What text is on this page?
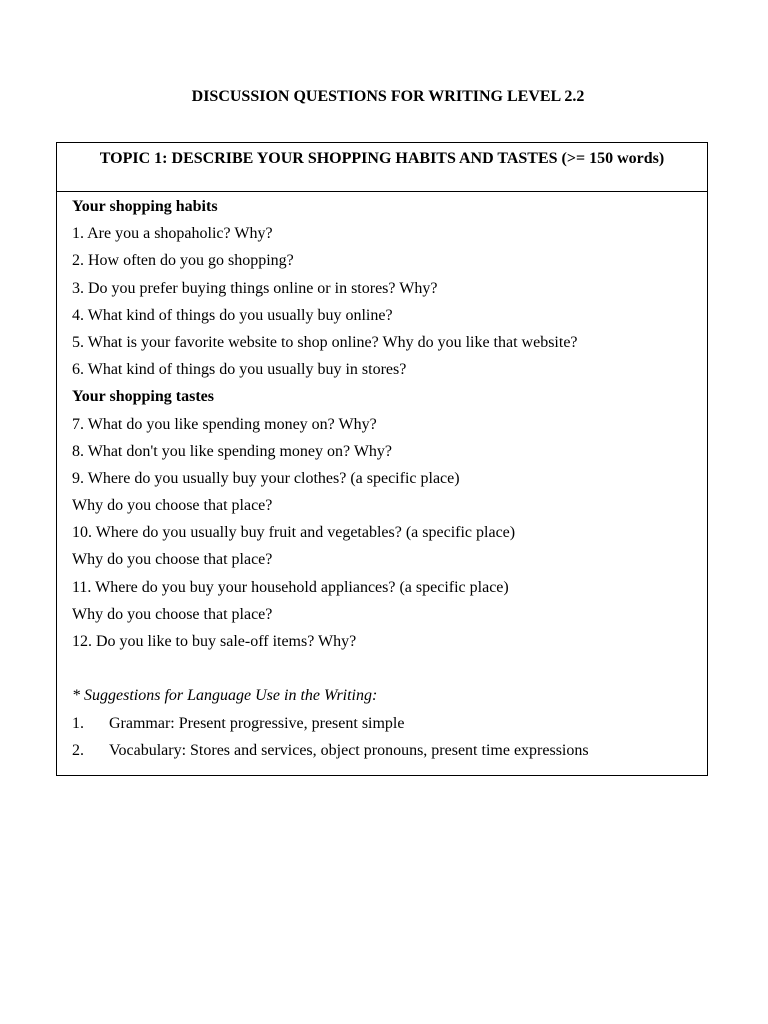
DISCUSSION QUESTIONS FOR WRITING LEVEL 2.2
TOPIC 1: DESCRIBE YOUR SHOPPING HABITS AND TASTES (>= 150 words)
Your shopping habits
1. Are you a shopaholic? Why?
2. How often do you go shopping?
3. Do you prefer buying things online or in stores? Why?
4. What kind of things do you usually buy online?
5. What is your favorite website to shop online? Why do you like that website?
6. What kind of things do you usually buy in stores?
Your shopping tastes
7. What do you like spending money on? Why?
8. What don't you like spending money on? Why?
9. Where do you usually buy your clothes? (a specific place)
Why do you choose that place?
10. Where do you usually buy fruit and vegetables? (a specific place)
Why do you choose that place?
11. Where do you buy your household appliances? (a specific place)
Why do you choose that place?
12. Do you like to buy sale-off items? Why?
* Suggestions for Language Use in the Writing:
1. Grammar: Present progressive, present simple
2. Vocabulary: Stores and services, object pronouns, present time expressions
